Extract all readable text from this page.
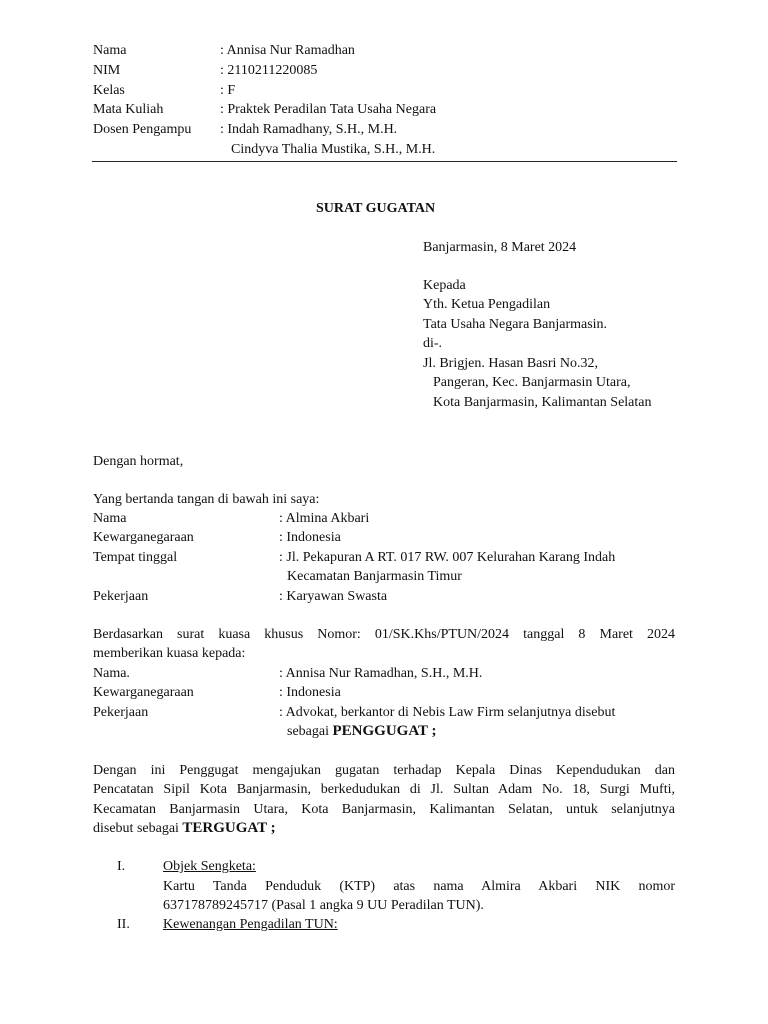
Nama	: Annisa Nur Ramadhan
NIM	: 2110211220085
Kelas	: F
Mata Kuliah	: Praktek Peradilan Tata Usaha Negara
Dosen Pengampu : Indah Ramadhany, S.H., M.H.
Cindyva Thalia Mustika, S.H., M.H.
SURAT GUGATAN
Banjarmasin, 8 Maret 2024
Kepada
Yth. Ketua Pengadilan
Tata Usaha Negara Banjarmasin.
di-.
Jl. Brigjen. Hasan Basri No.32,
Pangeran, Kec. Banjarmasin Utara,
Kota Banjarmasin, Kalimantan Selatan
Dengan hormat,
Yang bertanda tangan di bawah ini saya:
Nama	: Almina Akbari
Kewarganegaraan	: Indonesia
Tempat tinggal	: Jl. Pekapuran A RT. 017 RW. 007 Kelurahan Karang Indah
Kecamatan Banjarmasin Timur
Pekerjaan	: Karyawan Swasta
Berdasarkan surat kuasa khusus Nomor: 01/SK.Khs/PTUN/2024 tanggal 8 Maret 2024
memberikan kuasa kepada:
Nama.	: Annisa Nur Ramadhan, S.H., M.H.
Kewarganegaraan	: Indonesia
Pekerjaan	: Advokat, berkantor di Nebis Law Firm selanjutnya disebut
sebagai PENGGUGAT ;
Dengan ini Penggugat mengajukan gugatan terhadap Kepala Dinas Kependudukan dan
Pencatatan Sipil Kota Banjarmasin, berkedudukan di Jl. Sultan Adam No. 18, Surgi Mufti,
Kecamatan Banjarmasin Utara, Kota Banjarmasin, Kalimantan Selatan, untuk selanjutnya
disebut sebagai TERGUGAT ;
I.	Objek Sengketa:
Kartu Tanda Penduduk (KTP) atas nama Almira Akbari NIK nomor
637178789245717 (Pasal 1 angka 9 UU Peradilan TUN).
II. Kewenangan Pengadilan TUN:
